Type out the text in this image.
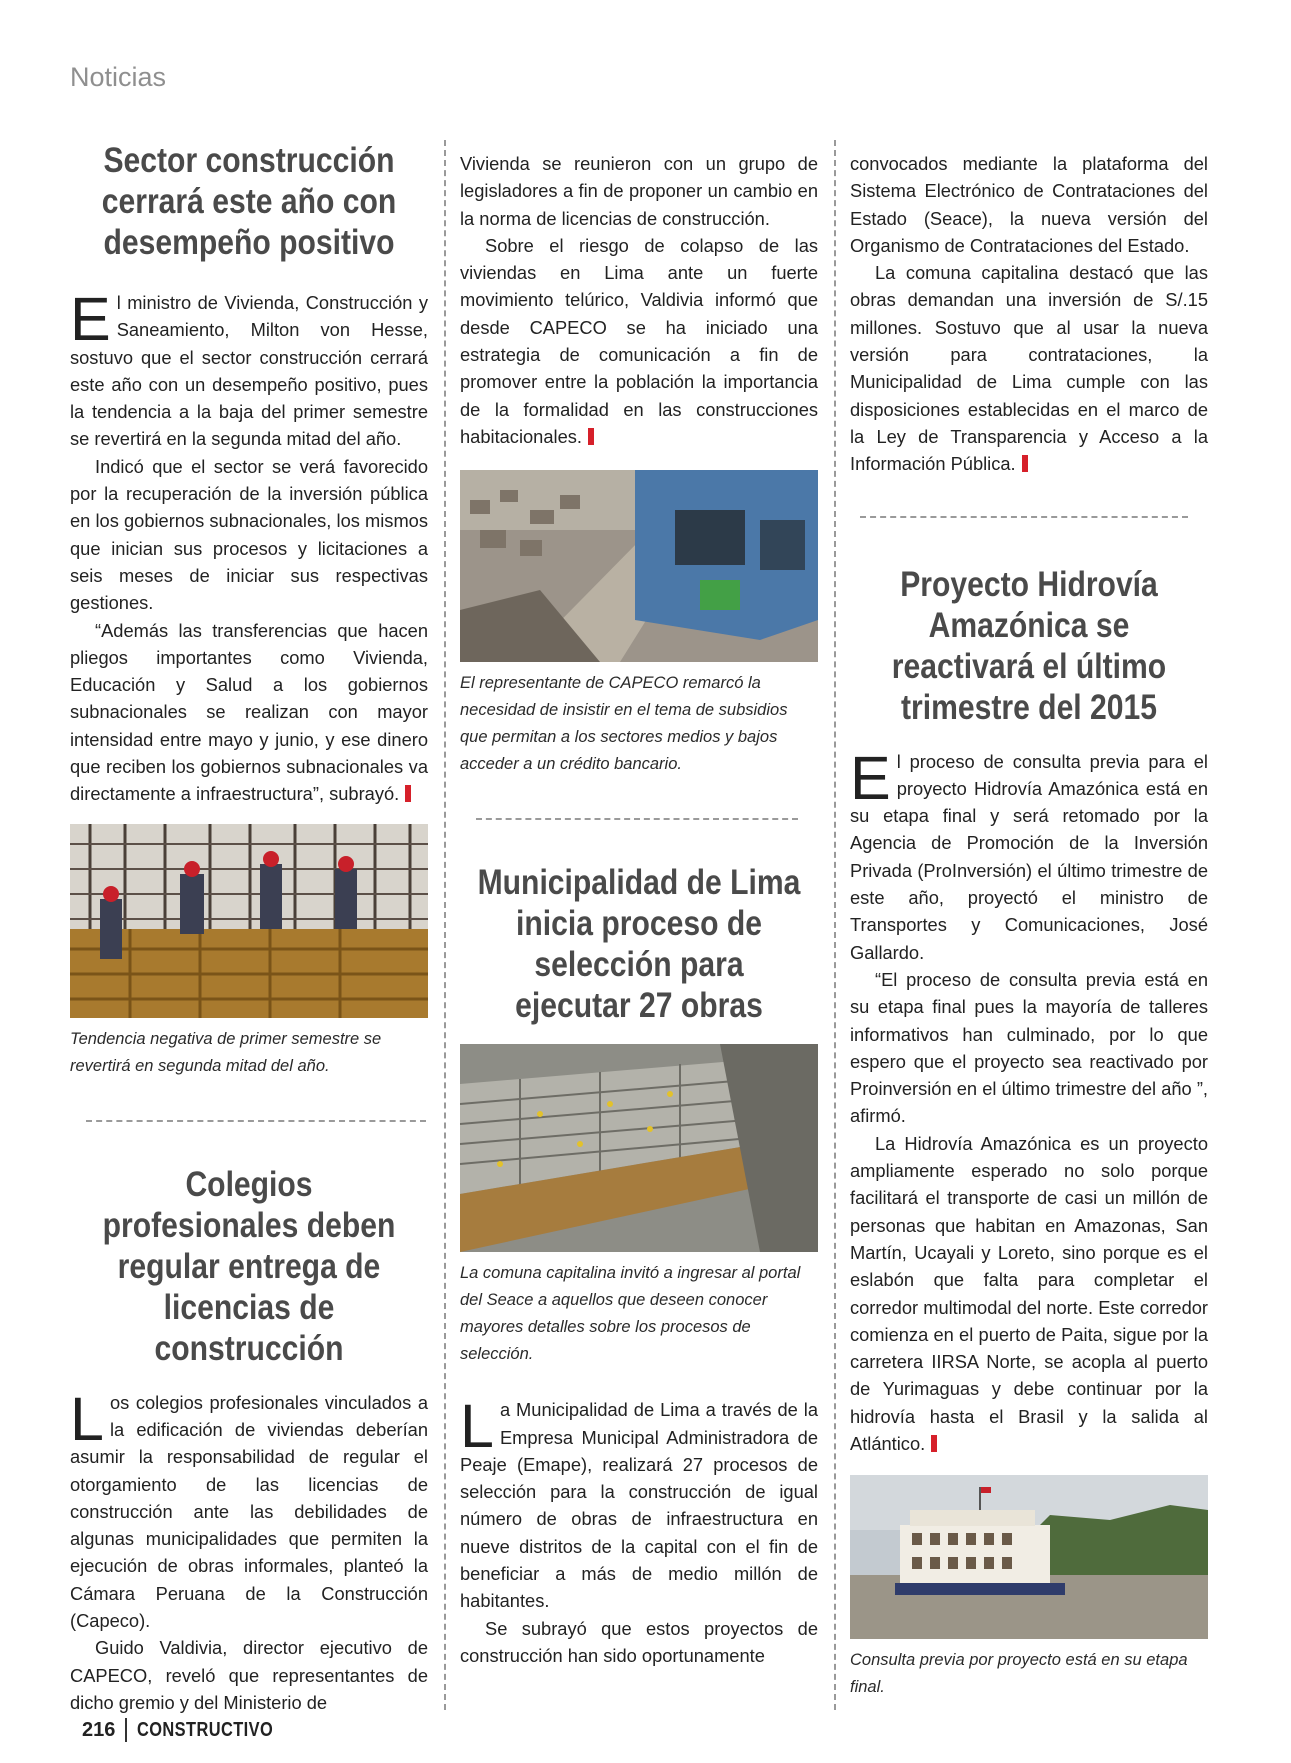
Noticias
Sector construcción cerrará este año con desempeño positivo

El ministro de Vivienda, Construcción y Saneamiento, Milton von Hesse, sostuvo que el sector construcción cerrará este año con un desempeño positivo, pues la tendencia a la baja del primer semestre se revertirá en la segunda mitad del año.

Indicó que el sector se verá favorecido por la recuperación de la inversión pública en los gobiernos subnacionales, los mismos que inician sus procesos y licitaciones a seis meses de iniciar sus respectivas gestiones.

“Además las transferencias que hacen pliegos importantes como Vivienda, Educación y Salud a los gobiernos subnacionales se realizan con mayor intensidad entre mayo y junio, y ese dinero que reciben los gobiernos subnacionales va directamente a infraestructura”, subrayó.

Tendencia negativa de primer semestre se revertirá en segunda mitad del año.
Colegios profesionales deben regular entrega de licencias de construcción

Los colegios profesionales vinculados a la edificación de viviendas deberían asumir la responsabilidad de regular el otorgamiento de las licencias de construcción ante las debilidades de algunas municipalidades que permiten la ejecución de obras informales, planteó la Cámara Peruana de la Construcción (Capeco).

Guido Valdivia, director ejecutivo de CAPECO, reveló que representantes de dicho gremio y del Ministerio de

Vivienda se reunieron con un grupo de legisladores a fin de proponer un cambio en la norma de licencias de construcción.

Sobre el riesgo de colapso de las viviendas en Lima ante un fuerte movimiento telúrico, Valdivia informó que desde CAPECO se ha iniciado una estrategia de comunicación a fin de promover entre la población la importancia de la formalidad en las construcciones habitacionales.

El representante de CAPECO remarcó la necesidad de insistir en el tema de subsidios que permitan a los sectores medios y bajos acceder a un crédito bancario.
Municipalidad de Lima inicia proceso de selección para ejecutar 27 obras
La comuna capitalina invitó a ingresar al portal del Seace a aquellos que deseen conocer mayores detalles sobre los procesos de selección.

La Municipalidad de Lima a través de la Empresa Municipal Administradora de Peaje (Emape), realizará 27 procesos de selección para la construcción de igual número de obras de infraestructura en nueve distritos de la capital con el fin de beneficiar a más de medio millón de habitantes.

Se subrayó que estos proyectos de construcción han sido oportunamente

convocados mediante la plataforma del Sistema Electrónico de Contrataciones del Estado (Seace), la nueva versión del Organismo de Contrataciones del Estado.

La comuna capitalina destacó que las obras demandan una inversión de S/.15 millones. Sostuvo que al usar la nueva versión para contrataciones, la Municipalidad de Lima cumple con las disposiciones establecidas en el marco de la Ley de Transparencia y Acceso a la Información Pública.

Proyecto Hidrovía Amazónica se reactivará el último trimestre del 2015

El proceso de consulta previa para el proyecto Hidrovía Amazónica está en su etapa final y será retomado por la Agencia de Promoción de la Inversión Privada (ProInversión) el último trimestre de este año, proyectó el ministro de Transportes y Comunicaciones, José Gallardo.

“El proceso de consulta previa está en su etapa final pues la mayoría de talleres informativos han culminado, por lo que espero que el proyecto sea reactivado por Proinversión en el último trimestre del año ”, afirmó.

La Hidrovía Amazónica es un proyecto ampliamente esperado no solo porque facilitará el transporte de casi un millón de personas que habitan en Amazonas, San Martín, Ucayali y Loreto, sino porque es el eslabón que falta para completar el corredor multimodal del norte. Este corredor comienza en el puerto de Paita, sigue por la carretera IIRSA Norte, se acopla al puerto de Yurimaguas y debe continuar por la hidrovía hasta el Brasil y la salida al Atlántico.

Consulta previa por proyecto está en su etapa final.
216 CONSTRUCTIVO
